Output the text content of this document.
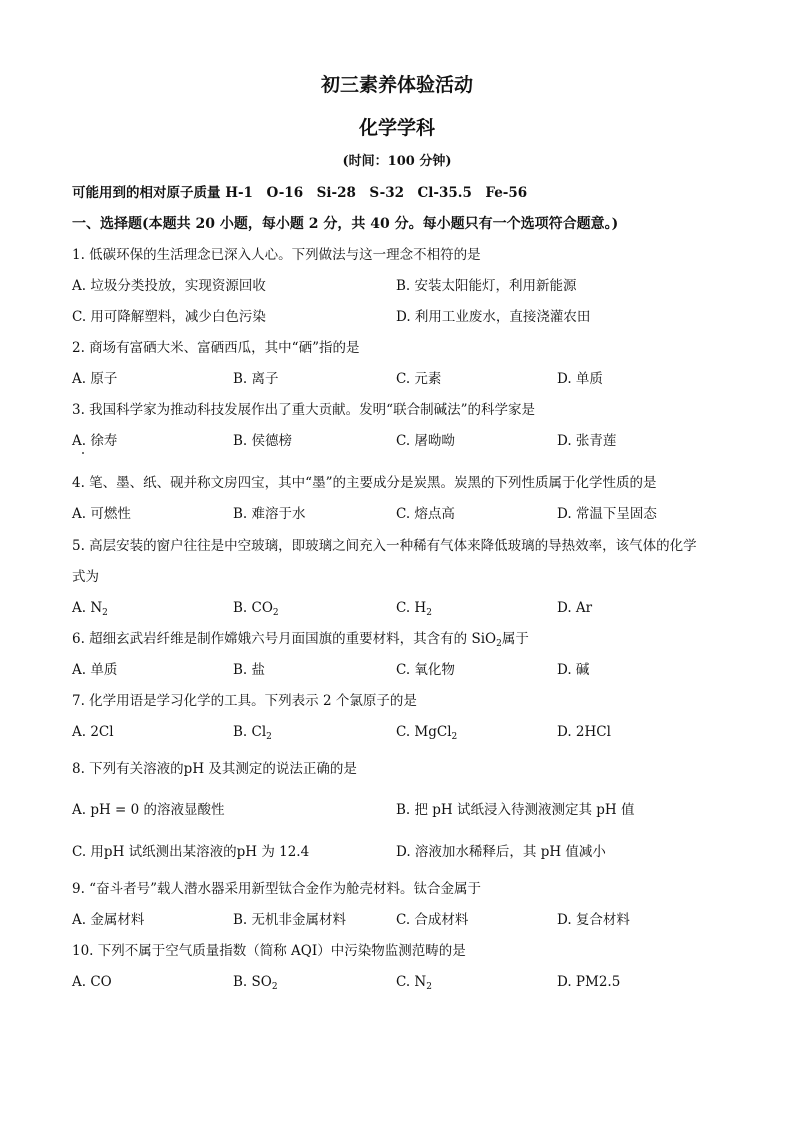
初三素养体验活动
化学学科
(时间：100 分钟)
可能用到的相对原子质量 H-1　O-16　Si-28　S-32　Cl-35.5　Fe-56
一、选择题(本题共 20 小题，每小题 2 分，共 40 分。每小题只有一个选项符合题意。)
1. 低碳环保的生活理念已深入人心。下列做法与这一理念不相符的是
A. 垃圾分类投放，实现资源回收	B. 安装太阳能灯，利用新能源
C. 用可降解塑料，减少白色污染	D. 利用工业废水，直接浇灌农田
2. 商场有富硒大米、富硒西瓜，其中“硒”指的是
A. 原子	B. 离子	C. 元素	D. 单质
3. 我国科学家为推动科技发展作出了重大贡献。发明“联合制碱法”的科学家是
A. 徐寿	B. 侯德榜	C. 屠呦呦	D. 张青莲
4. 笔、墨、纸、砚并称文房四宝，其中“墨”的主要成分是炭黑。炭黑的下列性质属于化学性质的是
A. 可燃性	B. 难溶于水	C. 熔点高	D. 常温下呈固态
5. 高层安装的窗户往往是中空玻璃，即玻璃之间充入一种稀有气体来降低玻璃的导热效率，该气体的化学
式为
A. $N_2$	B. $CO_2$	C. $H_2$	D. Ar
6. 超细玄武岩纤维是制作嫦娥六号月面国旗的重要材料，其含有的 SiO$_2$属于
A. 单质	B. 盐	C. 氧化物	D. 碱
7. 化学用语是学习化学的工具。下列表示 2 个氯原子的是
A. 2Cl	B. $Cl_2$	C. MgCl$_2$	D. 2HCl
8. 下列有关溶液的pH 及其测定的说法正确的是
A. pH = 0 的溶液显酸性	B. 把 pH 试纸浸入待测液测定其 pH 值
C. 用pH 试纸测出某溶液的pH 为 12.4	D. 溶液加水稀释后，其 pH 值减小
9. “奋斗者号”载人潜水器采用新型钛合金作为舱壳材料。钛合金属于
A. 金属材料	B. 无机非金属材料	C. 合成材料	D. 复合材料
10. 下列不属于空气质量指数（简称 AQI）中污染物监测范畴的是
A. CO	B. $SO_2$	C. $N_2$	D. PM2.5
